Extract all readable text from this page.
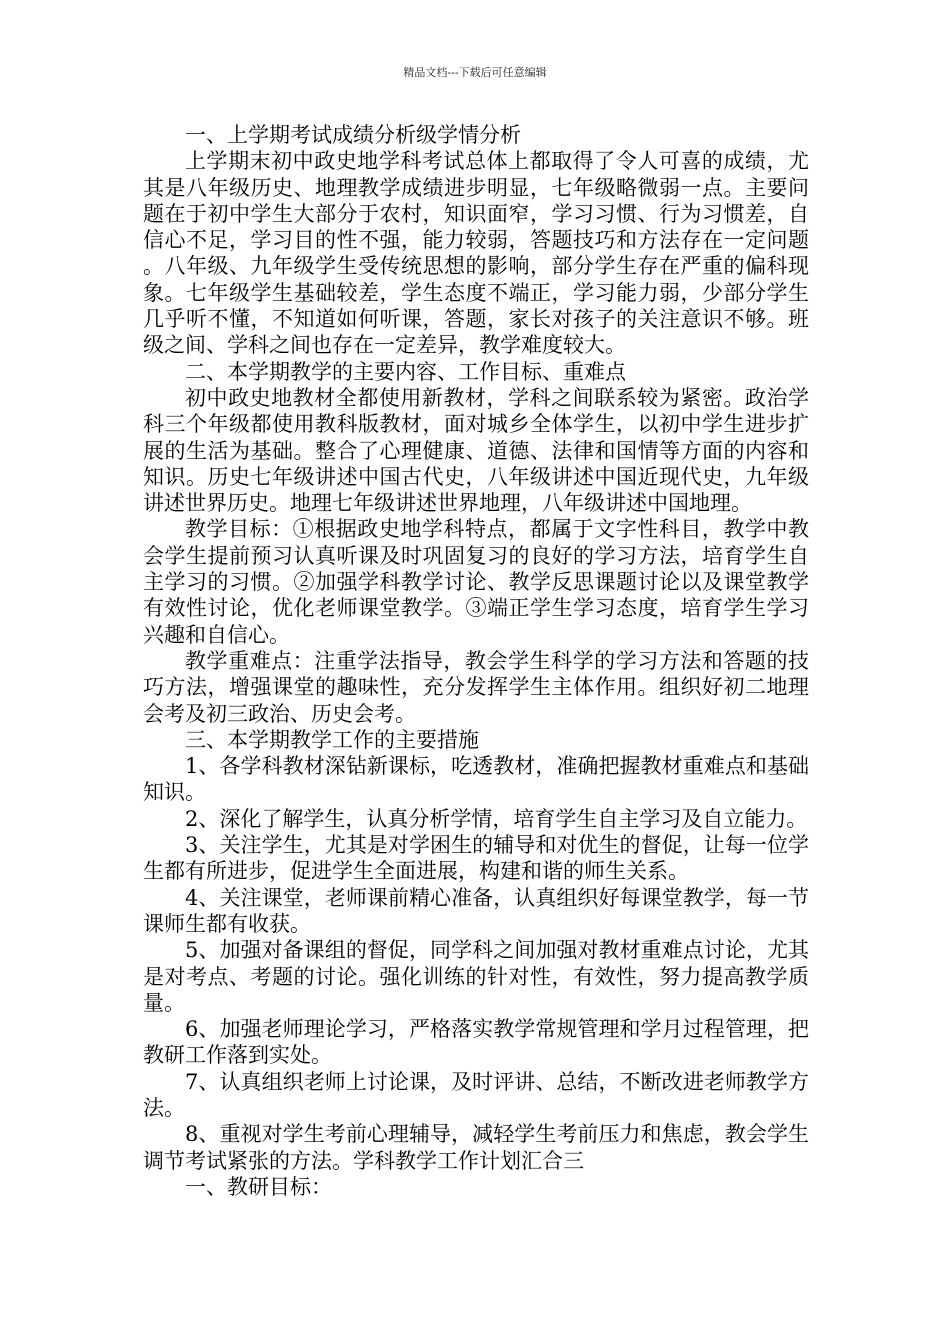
精品文档---下载后可任意编辑

一、上学期考试成绩分析级学情分析

上学期末初中政史地学科考试总体上都取得了令人可喜的成绩，尤其是八年级历史、地理教学成绩进步明显，七年级略微弱一点。主要问题在于初中学生大部分于农村，知识面窄，学习习惯、行为习惯差，自信心不足，学习目的性不强，能力较弱，答题技巧和方法存在一定问题。八年级、九年级学生受传统思想的影响，部分学生存在严重的偏科现象。七年级学生基础较差，学生态度不端正，学习能力弱，少部分学生几乎听不懂，不知道如何听课，答题，家长对孩子的关注意识不够。班级之间、学科之间也存在一定差异，教学难度较大。

二、本学期教学的主要内容、工作目标、重难点

初中政史地教材全都使用新教材，学科之间联系较为紧密。政治学科三个年级都使用教科版教材，面对城乡全体学生，以初中学生进步扩展的生活为基础。整合了心理健康、道德、法律和国情等方面的内容和知识。历史七年级讲述中国古代史，八年级讲述中国近现代史，九年级讲述世界历史。地理七年级讲述世界地理，八年级讲述中国地理。

教学目标：①根据政史地学科特点，都属于文字性科目，教学中教会学生提前预习认真听课及时巩固复习的良好的学习方法，培育学生自主学习的习惯。②加强学科教学讨论、教学反思课题讨论以及课堂教学有效性讨论，优化老师课堂教学。③端正学生学习态度，培育学生学习兴趣和自信心。

教学重难点：注重学法指导，教会学生科学的学习方法和答题的技巧方法，增强课堂的趣味性，充分发挥学生主体作用。组织好初二地理会考及初三政治、历史会考。

三、本学期教学工作的主要措施

1、各学科教材深钻新课标，吃透教材，准确把握教材重难点和基础知识。

2、深化了解学生，认真分析学情，培育学生自主学习及自立能力。

3、关注学生，尤其是对学困生的辅导和对优生的督促，让每一位学生都有所进步，促进学生全面进展，构建和谐的师生关系。

4、关注课堂，老师课前精心准备，认真组织好每课堂教学，每一节课师生都有收获。

5、加强对备课组的督促，同学科之间加强对教材重难点讨论，尤其是对考点、考题的讨论。强化训练的针对性，有效性，努力提高教学质量。

6、加强老师理论学习，严格落实教学常规管理和学月过程管理，把教研工作落到实处。

7、认真组织老师上讨论课，及时评讲、总结，不断改进老师教学方法。

8、重视对学生考前心理辅导，减轻学生考前压力和焦虑，教会学生调节考试紧张的方法。学科教学工作计划汇合三

一、教研目标：
